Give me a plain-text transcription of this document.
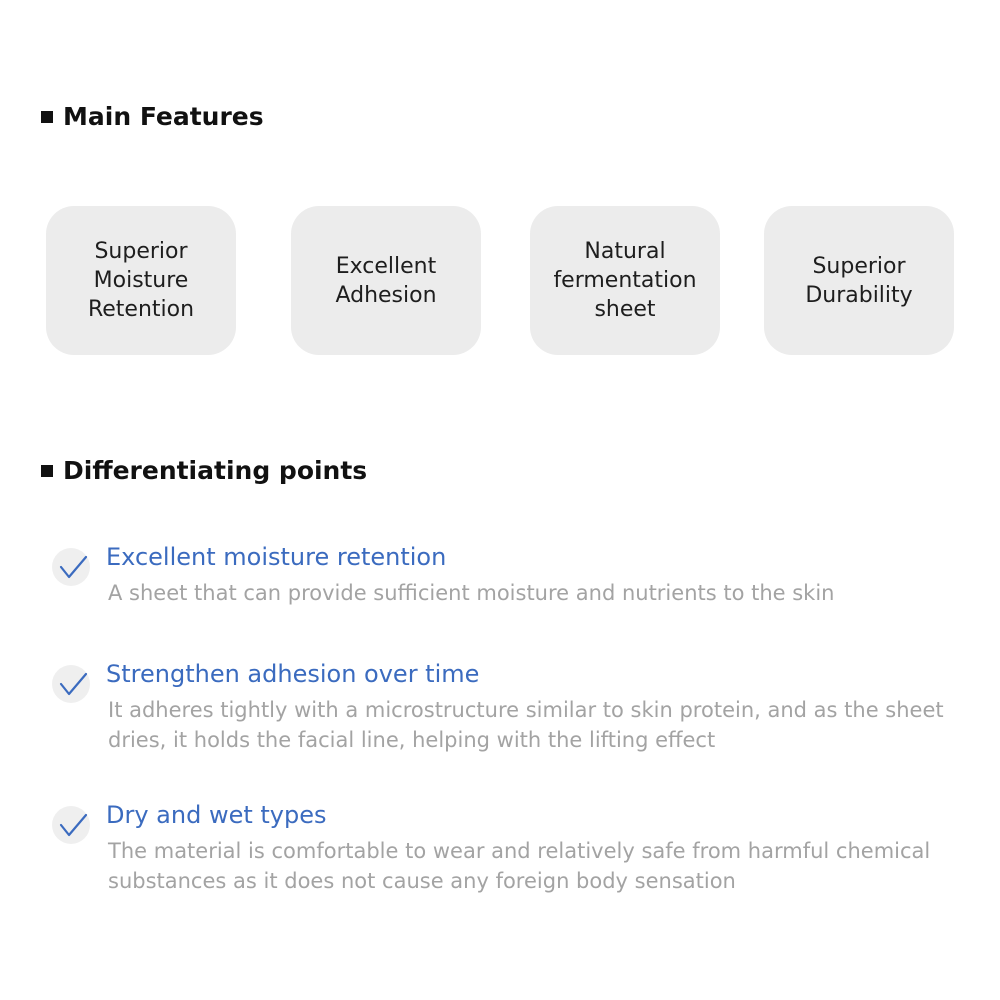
Main Features
Superior
Moisture
Retention
Excellent
Adhesion
Natural
fermentation
sheet
Superior
Durability
Differentiating points

Excellent moisture retention

A sheet that can provide sufficient moisture and nutrients to the skin

Strengthen adhesion over time

It adheres tightly with a microstructure similar to skin protein, and as the sheet dries, it holds the facial line, helping with the lifting effect

Dry and wet types

The material is comfortable to wear and relatively safe from harmful chemical substances as it does not cause any foreign body sensation
